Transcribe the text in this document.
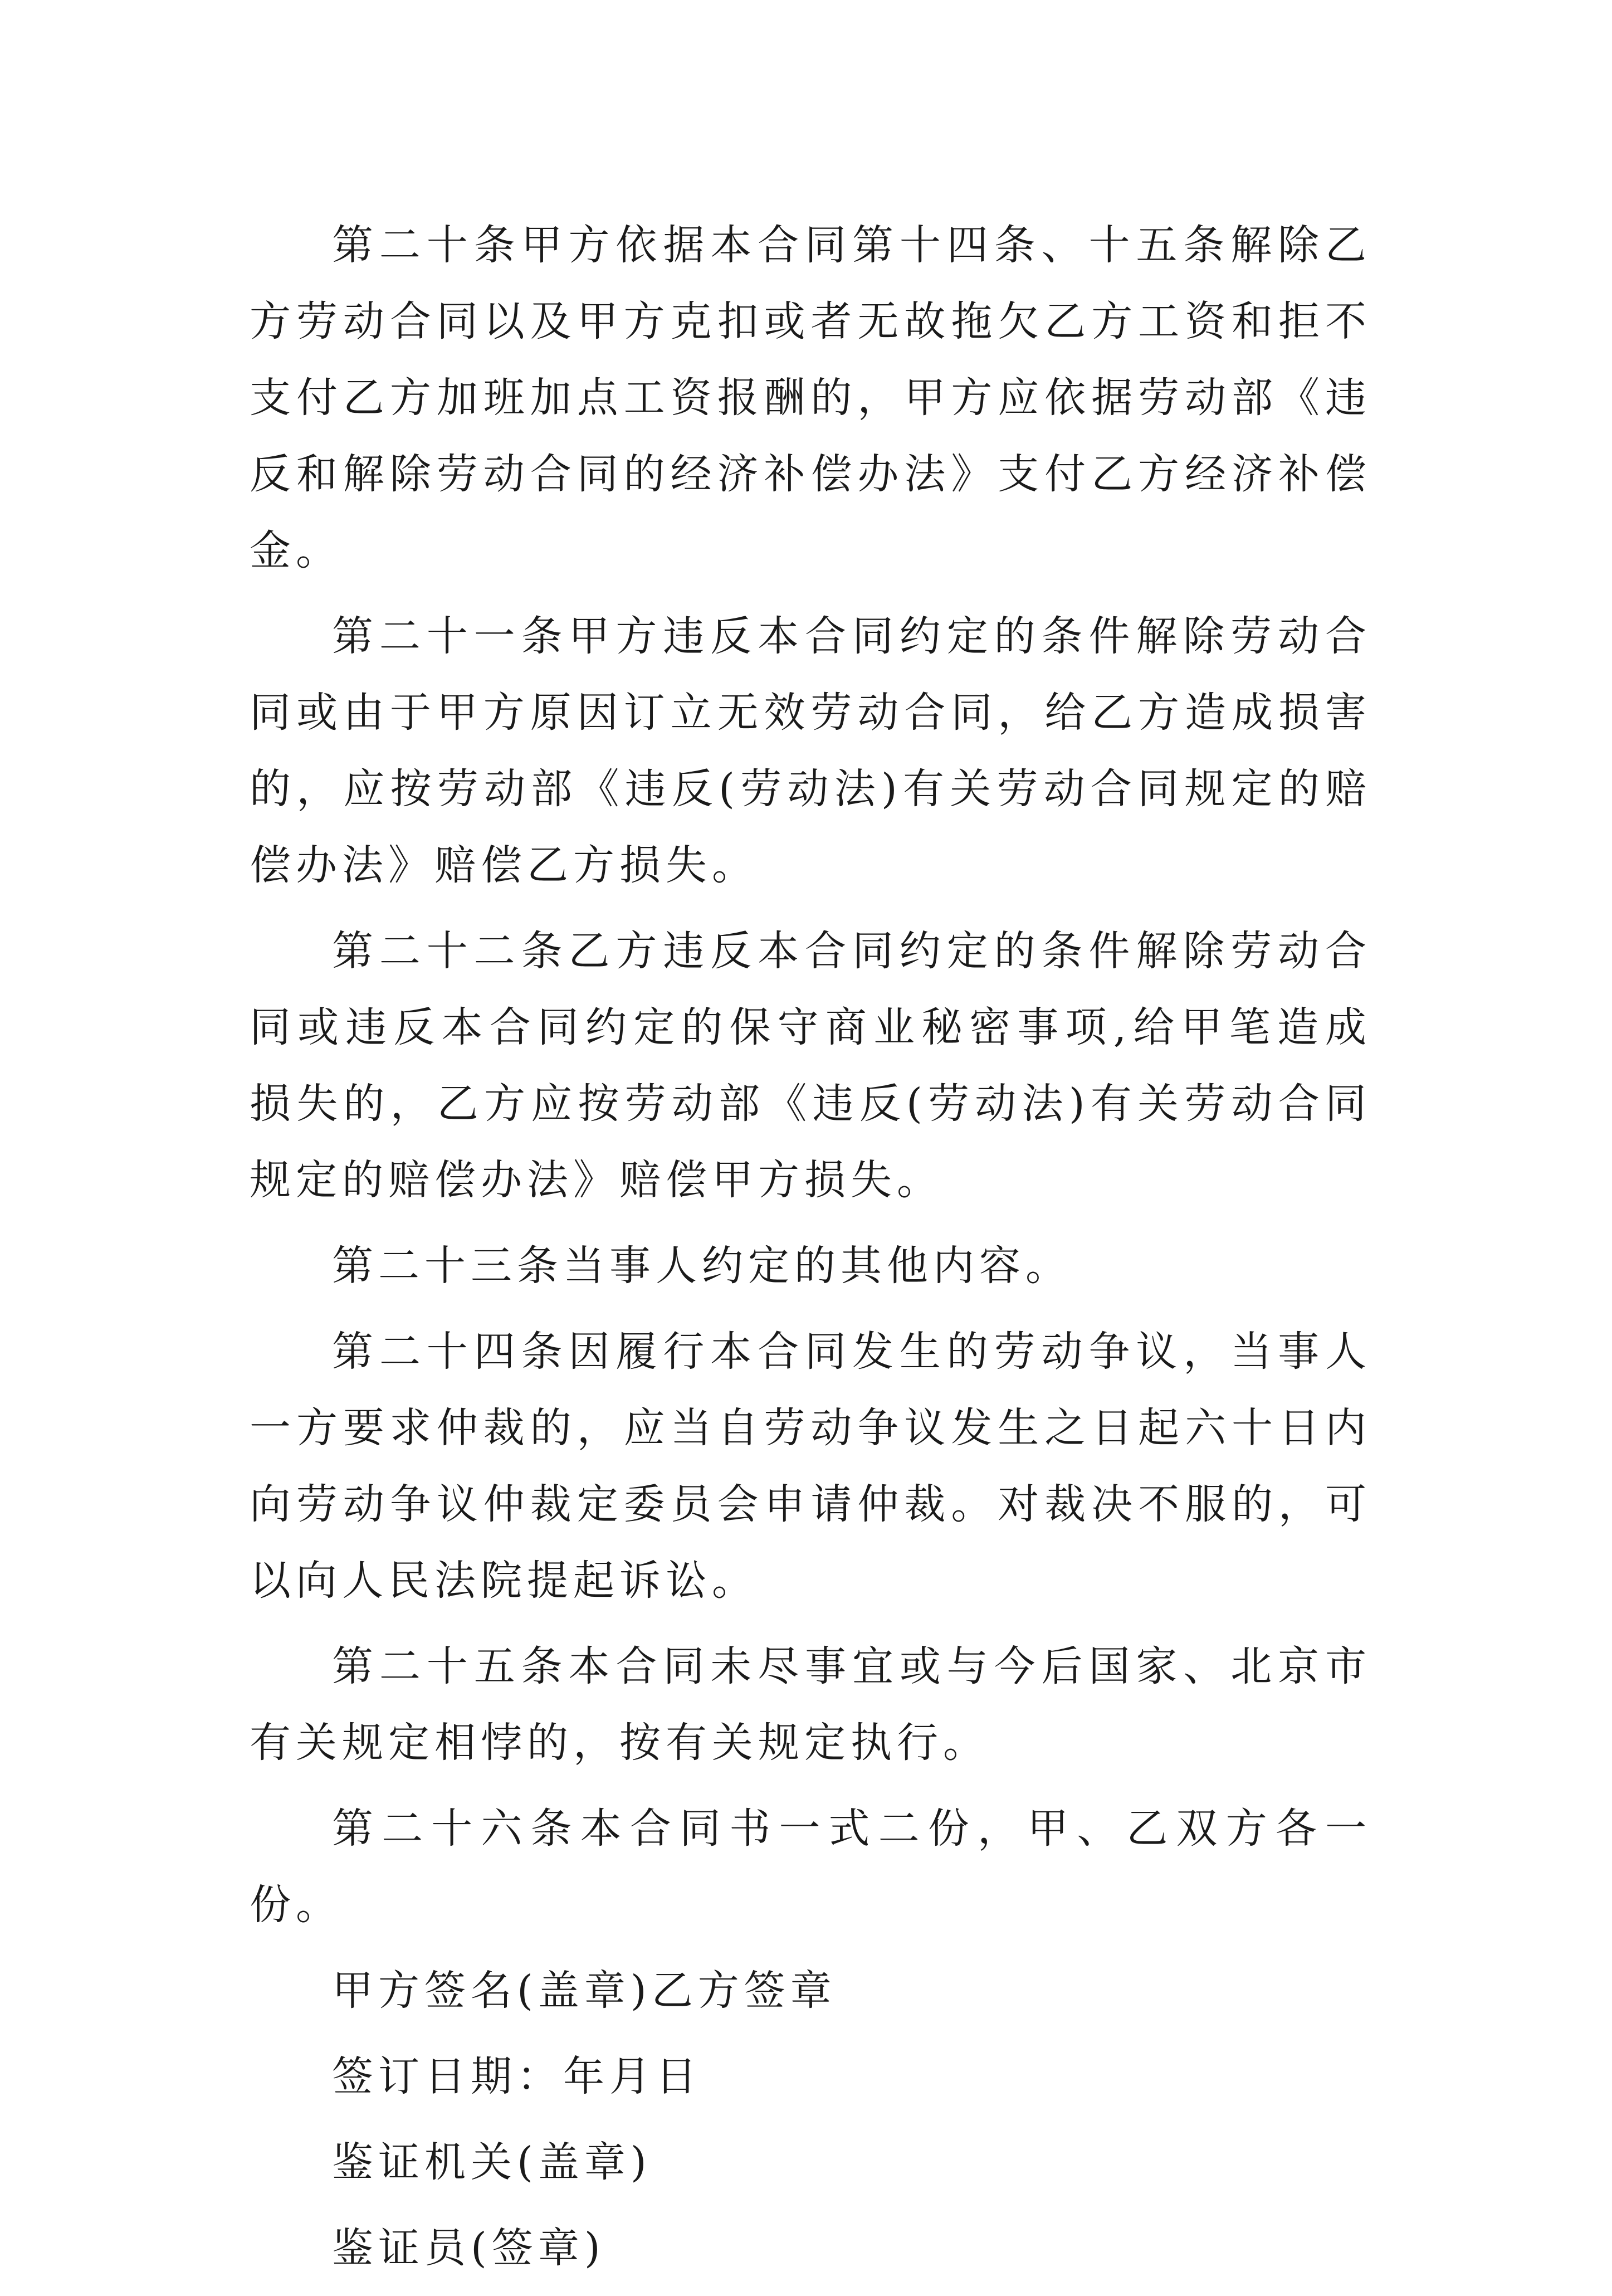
第二十条甲方依据本合同第十四条、十五条解除乙方劳动合同以及甲方克扣或者无故拖欠乙方工资和拒不支付乙方加班加点工资报酬的，甲方应依据劳动部《违反和解除劳动合同的经济补偿办法》支付乙方经济补偿金。

第二十一条甲方违反本合同约定的条件解除劳动合同或由于甲方原因订立无效劳动合同，给乙方造成损害的，应按劳动部《违反(劳动法)有关劳动合同规定的赔偿办法》赔偿乙方损失。

第二十二条乙方违反本合同约定的条件解除劳动合同或违反本合同约定的保守商业秘密事项,给甲笔造成损失的，乙方应按劳动部《违反(劳动法)有关劳动合同规定的赔偿办法》赔偿甲方损失。

第二十三条当事人约定的其他内容。

第二十四条因履行本合同发生的劳动争议，当事人一方要求仲裁的，应当自劳动争议发生之日起六十日内向劳动争议仲裁定委员会申请仲裁。对裁决不服的，可以向人民法院提起诉讼。

第二十五条本合同未尽事宜或与今后国家、北京市有关规定相悖的，按有关规定执行。

第二十六条本合同书一式二份，甲、乙双方各一份。

甲方签名(盖章)乙方签章

签订日期：年月日

鉴证机关(盖章)

鉴证员(签章)
